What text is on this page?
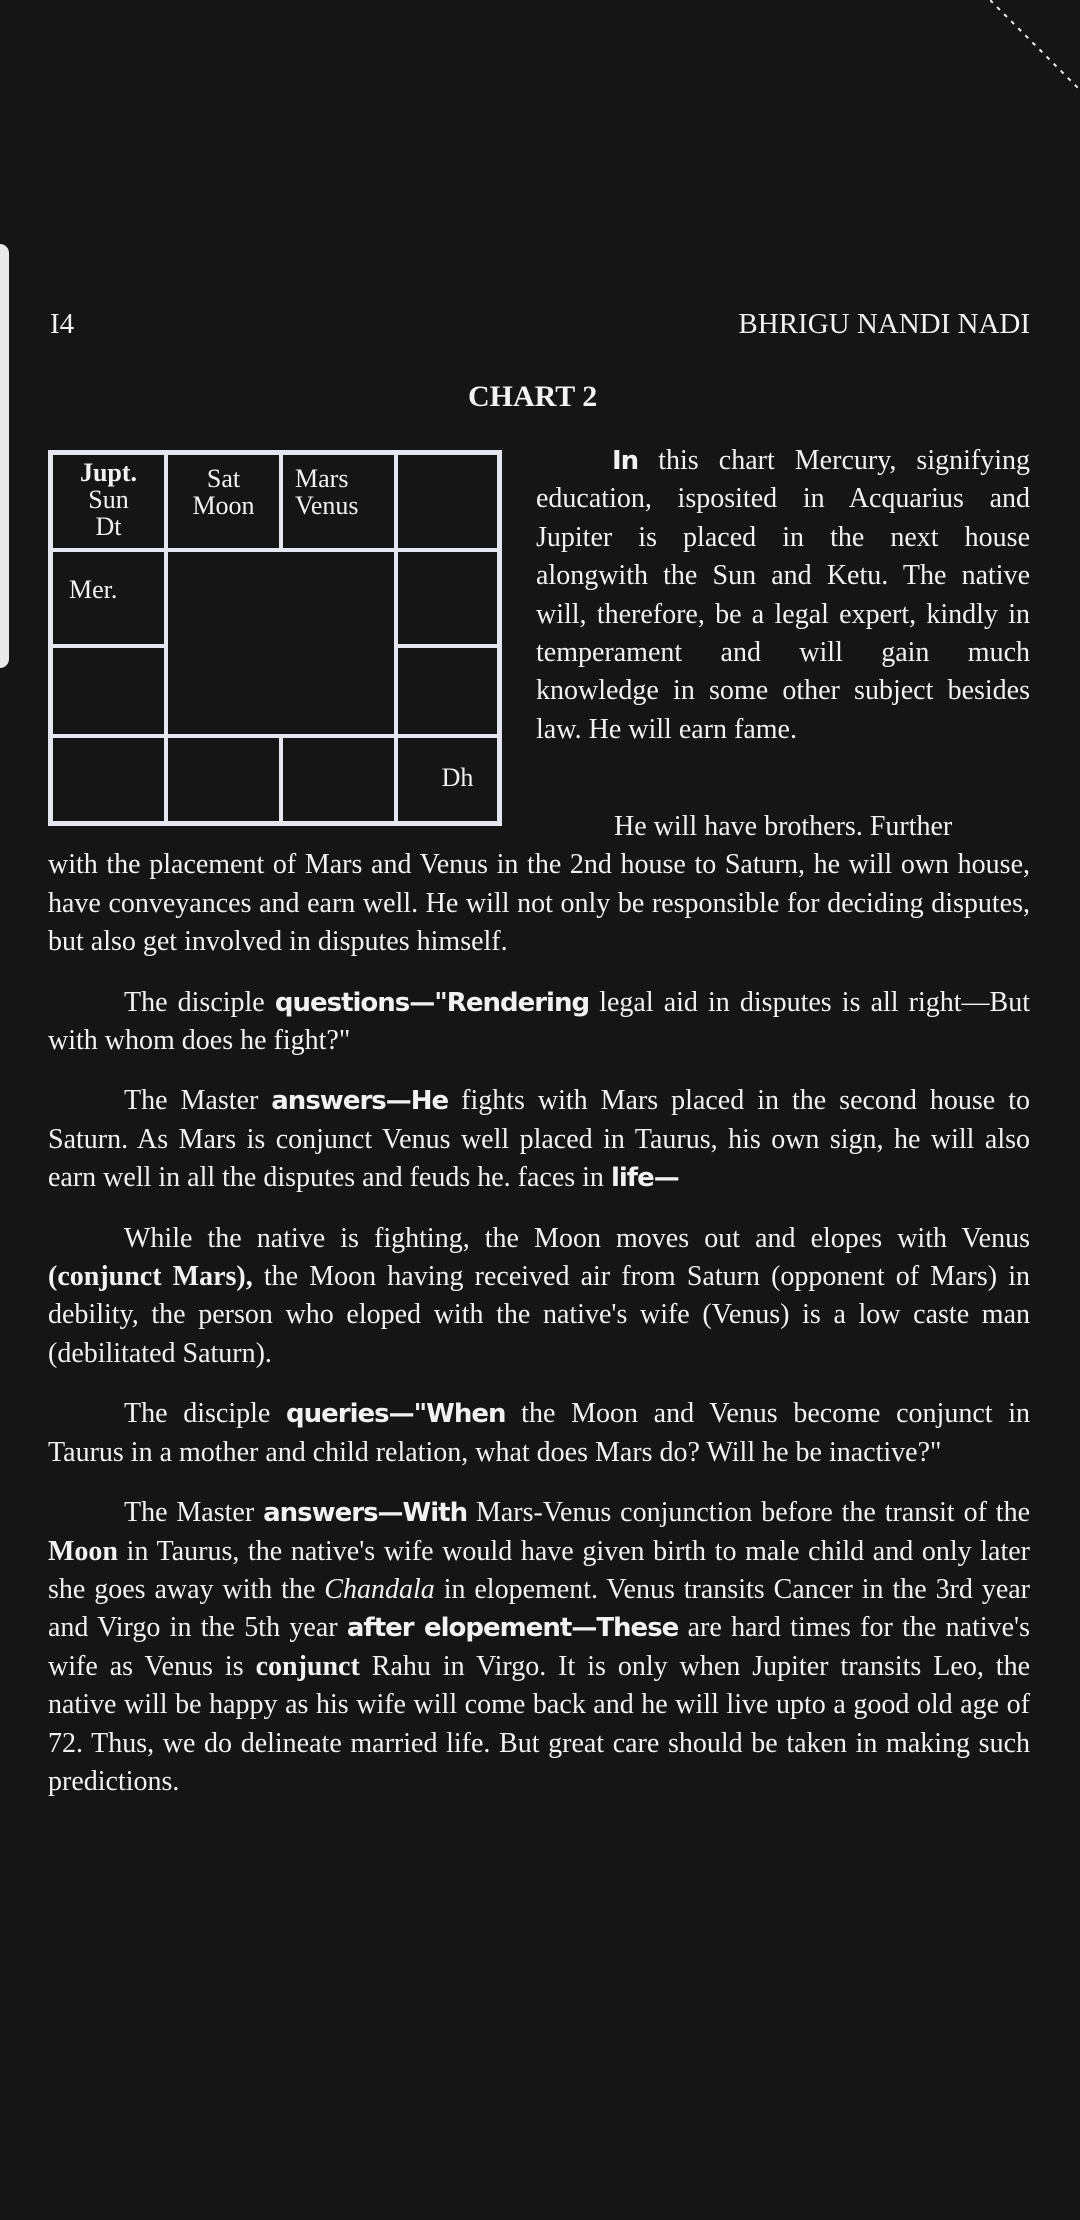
I4	BHRIGU NANDI NADI
CHART 2
Jupt.
Sun
Dt
Sat
Moon
Mars
Venus
Mer.
Dh
In this chart Mercury, signifying education, isposited in Acquarius and Jupiter is placed in the next house alongwith the Sun and Ketu. The native will, therefore, be a legal expert, kindly in temperament and will gain much knowledge in some other subject besides law. He will earn fame.

He will have brothers. Further
with the placement of Mars and Venus in the 2nd house to Saturn, he will own house, have conveyances and earn well. He will not only be responsible for deciding disputes, but also get involved in disputes himself.

The disciple questions—"Rendering legal aid in disputes is all right—But with whom does he fight?"

The Master answers—He fights with Mars placed in the second house to Saturn. As Mars is conjunct Venus well placed in Taurus, his own sign, he will also earn well in all the disputes and feuds he. faces in life—

While the native is fighting, the Moon moves out and elopes with Venus (conjunct Mars), the Moon having received air from Saturn (opponent of Mars) in debility, the person who eloped with the native's wife (Venus) is a low caste man (debilitated Saturn).

The disciple queries—"When the Moon and Venus become conjunct in Taurus in a mother and child relation, what does Mars do? Will he be inactive?"

The Master answers—With Mars-Venus conjunction before the transit of the Moon in Taurus, the native's wife would have given birth to male child and only later she goes away with the Chandala in elopement. Venus transits Cancer in the 3rd year and Virgo in the 5th year after elopement—These are hard times for the native's wife as Venus is conjunct Rahu in Virgo. It is only when Jupiter transits Leo, the native will be happy as his wife will come back and he will live upto a good old age of 72. Thus, we do delineate married life. But great care should be taken in making such predictions.
